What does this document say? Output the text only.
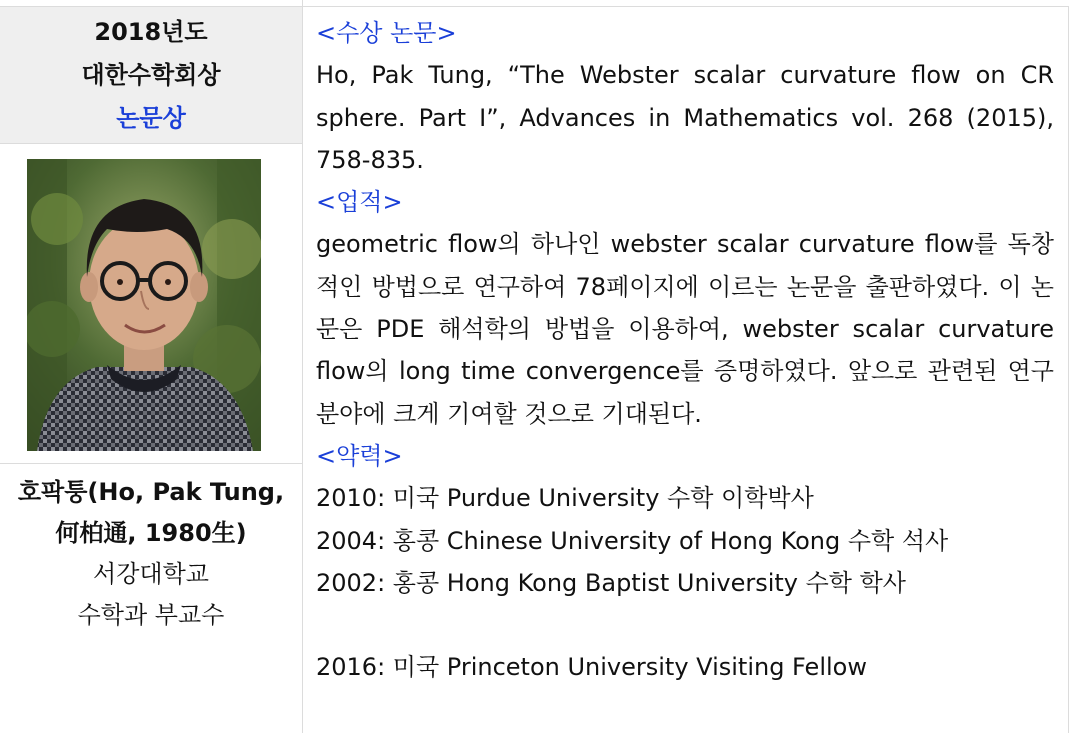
2018년도
대한수학회상
논문상
호팍퉁(Ho, Pak Tung,
何柏通, 1980生)
서강대학교
수학과 부교수

<수상 논문>

Ho, Pak Tung, “The Webster scalar curvature flow on CR sphere. Part I”, Advances in Mathematics vol. 268 (2015), 758-835.

<업적>

geometric flow의 하나인 webster scalar curvature flow를 독창적인 방법으로 연구하여 78페이지에 이르는 논문을 출판하였다. 이 논문은 PDE 해석학의 방법을 이용하여, webster scalar curvature flow의 long time convergence를 증명하였다. 앞으로 관련된 연구 분야에 크게 기여할 것으로 기대된다.

<약력>

2010: 미국 Purdue University 수학 이학박사

2004: 홍콩 Chinese University of Hong Kong 수학 석사

2002: 홍콩 Hong Kong Baptist University 수학 학사

2016: 미국 Princeton University Visiting Fellow
